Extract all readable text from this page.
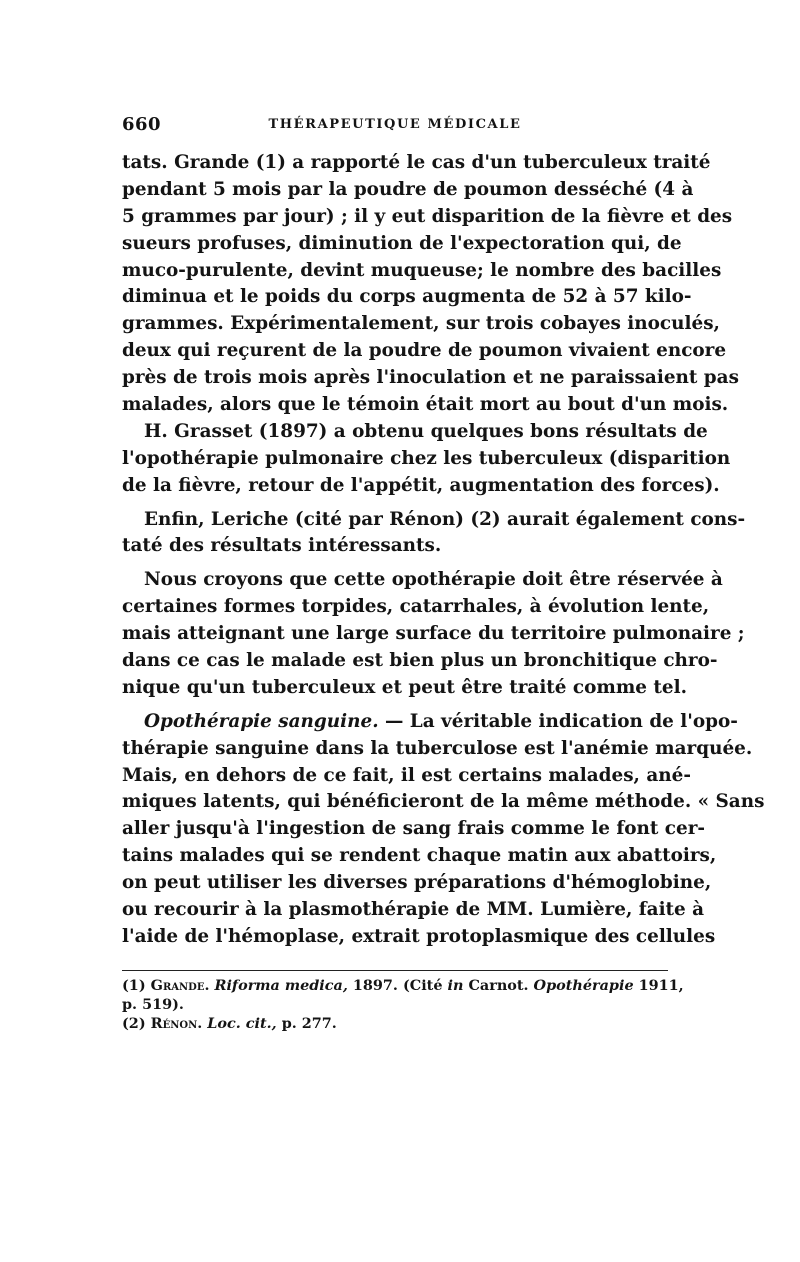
660	THÉRAPEUTIQUE MÉDICALE
tats. Grande (1) a rapporté le cas d'un tuberculeux traité
pendant 5 mois par la poudre de poumon desséché (4 à
5 grammes par jour) ; il y eut disparition de la fièvre et des
sueurs profuses, diminution de l'expectoration qui, de
muco-purulente, devint muqueuse; le nombre des bacilles
diminua et le poids du corps augmenta de 52 à 57 kilo-
grammes. Expérimentalement, sur trois cobayes inoculés,
deux qui reçurent de la poudre de poumon vivaient encore
près de trois mois après l'inoculation et ne paraissaient pas
malades, alors que le témoin était mort au bout d'un mois.
H. Grasset (1897) a obtenu quelques bons résultats de
l'opothérapie pulmonaire chez les tuberculeux (disparition
de la fièvre, retour de l'appétit, augmentation des forces).
Enfin, Leriche (cité par Rénon) (2) aurait également cons-
taté des résultats intéressants.
Nous croyons que cette opothérapie doit être réservée à
certaines formes torpides, catarrhales, à évolution lente,
mais atteignant une large surface du territoire pulmonaire ;
dans ce cas le malade est bien plus un bronchitique chro-
nique qu'un tuberculeux et peut être traité comme tel.
Opothérapie sanguine. — La véritable indication de l'opo-
thérapie sanguine dans la tuberculose est l'anémie marquée.
Mais, en dehors de ce fait, il est certains malades, ané-
miques latents, qui bénéficieront de la même méthode. « Sans
aller jusqu'à l'ingestion de sang frais comme le font cer-
tains malades qui se rendent chaque matin aux abattoirs,
on peut utiliser les diverses préparations d'hémoglobine,
ou recourir à la plasmothérapie de MM. Lumière, faite à
l'aide de l'hémoplase, extrait protoplasmique des cellules
(1) Grande. Riforma medica, 1897. (Cité in Carnot. Opothérapie 1911,
p. 519).
(2) Rénon. Loc. cit., p. 277.
